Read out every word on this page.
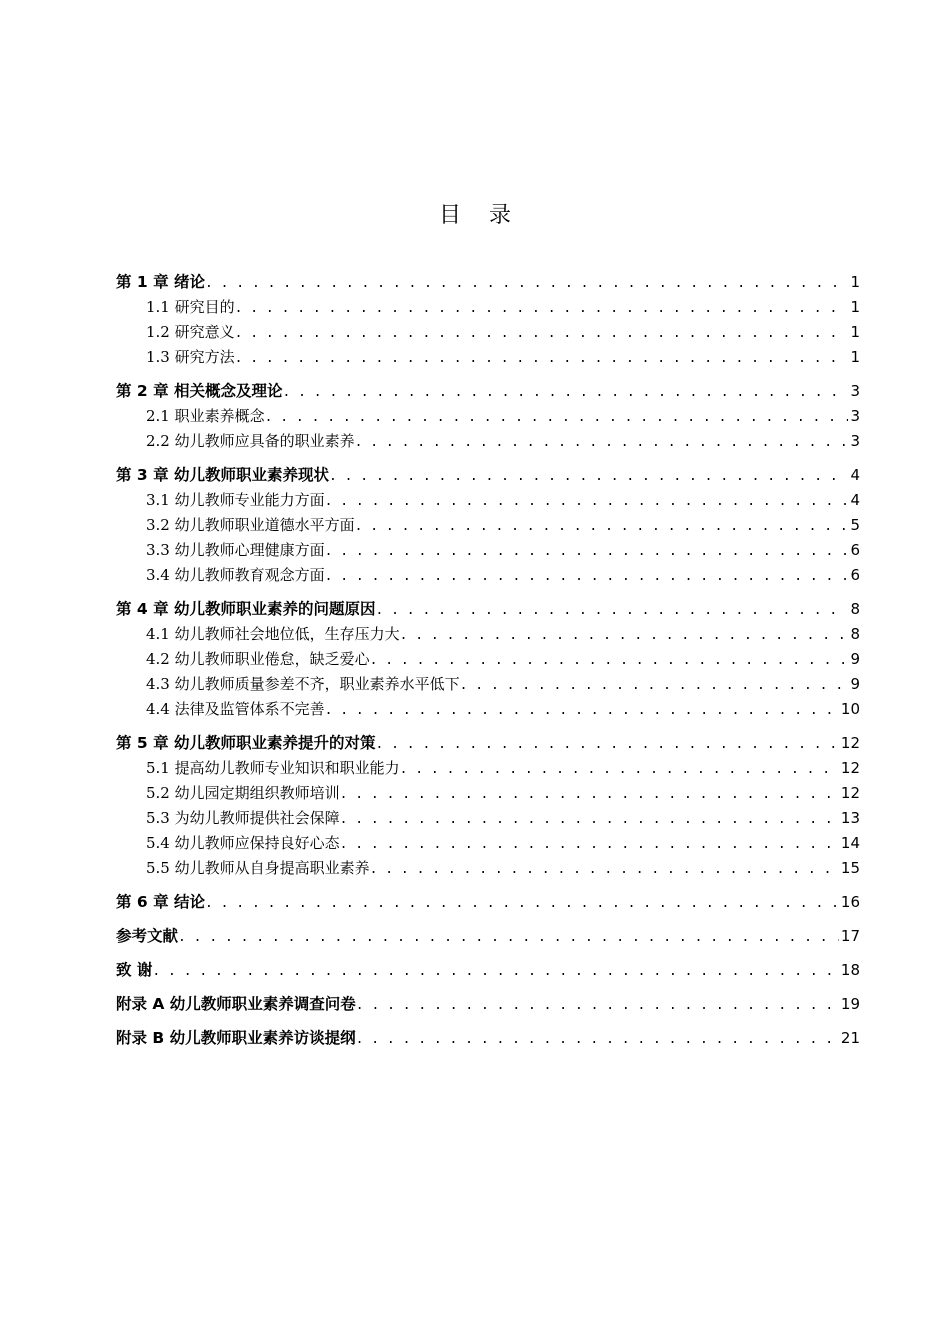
目 录
第 1 章 绪论 . . .	1
1.1 研究目的 . . .	1
1.2 研究意义 . . .	1
1.3 研究方法 . . .	1
第 2 章 相关概念及理论 . . .	3
2.1 职业素养概念 . . .	3
2.2 幼儿教师应具备的职业素养 . . .	3
第 3 章 幼儿教师职业素养现状 . . .	4
3.1 幼儿教师专业能力方面 . . .	4
3.2 幼儿教师职业道德水平方面 . . .	5
3.3 幼儿教师心理健康方面 . . .	6
3.4 幼儿教师教育观念方面 . . .	6
第 4 章 幼儿教师职业素养的问题原因 . . .	8
4.1 幼儿教师社会地位低，生存压力大 . . .	8
4.2 幼儿教师职业倦怠，缺乏爱心 . . .	9
4.3 幼儿教师质量参差不齐，职业素养水平低下 . . .	9
4.4 法律及监管体系不完善 . . .	10
第 5 章 幼儿教师职业素养提升的对策 . . .	12
5.1 提高幼儿教师专业知识和职业能力 . . .	12
5.2 幼儿园定期组织教师培训 . . .	12
5.3 为幼儿教师提供社会保障 . . .	13
5.4 幼儿教师应保持良好心态 . . .	14
5.5 幼儿教师从自身提高职业素养 . . .	15
第 6 章 结论 . . .	16
参考文献 . . .	17
致 谢 . . .	18
附录 A 幼儿教师职业素养调查问卷 . . .	19
附录 B 幼儿教师职业素养访谈提纲 . . .	21
